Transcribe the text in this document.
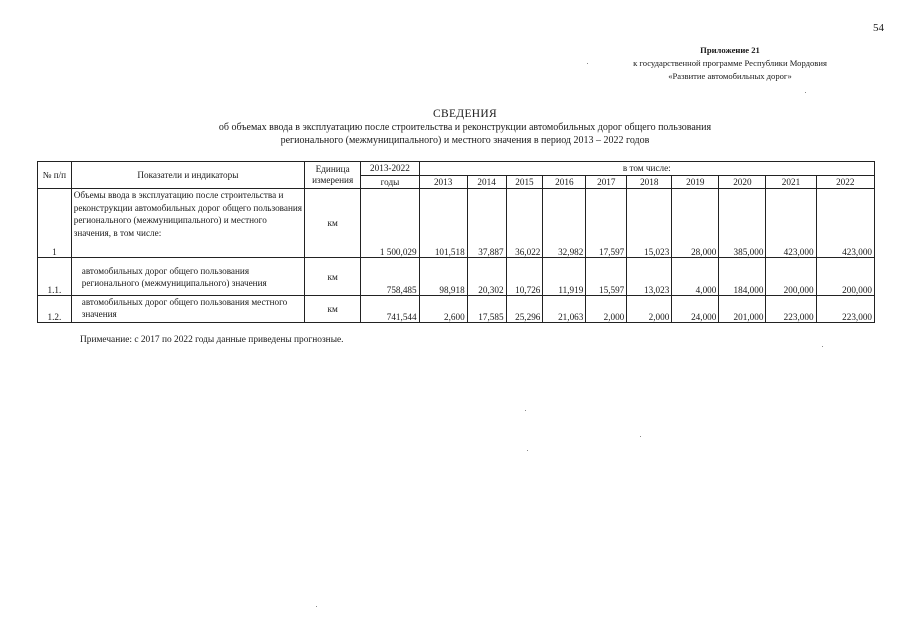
54
Приложение 21
к государственной программе Республики Мордовия
«Развитие автомобильных дорог»
СВЕДЕНИЯ
об объемах ввода в эксплуатацию после строительства и реконструкции автомобильных дорог общего пользования
регионального (межмуниципального) и местного значения в период 2013 – 2022 годов
№ п/п	Показатели и индикаторы	Единица измерения	2013-2022	в том числе:									
			годы	2013	2014	2015	2016	2017	2018	2019	2020	2021	2022
1	Объемы ввода в эксплуатацию после строительства и реконструкции автомобильных дорог общего пользования регионального (межмуниципального) и местного значения, в том числе:	км	1 500,029	101,518	37,887	36,022	32,982	17,597	15,023	28,000	385,000	423,000	423,000
1.1.	автомобильных дорог общего пользования регионального (межмуниципального) значения	км	758,485	98,918	20,302	10,726	11,919	15,597	13,023	4,000	184,000	200,000	200,000
1.2.	автомобильных дорог общего пользования местного значения	км	741,544	2,600	17,585	25,296	21,063	2,000	2,000	24,000	201,000	223,000	223,000
Примечание: с 2017 по 2022 годы данные приведены прогнозные.
